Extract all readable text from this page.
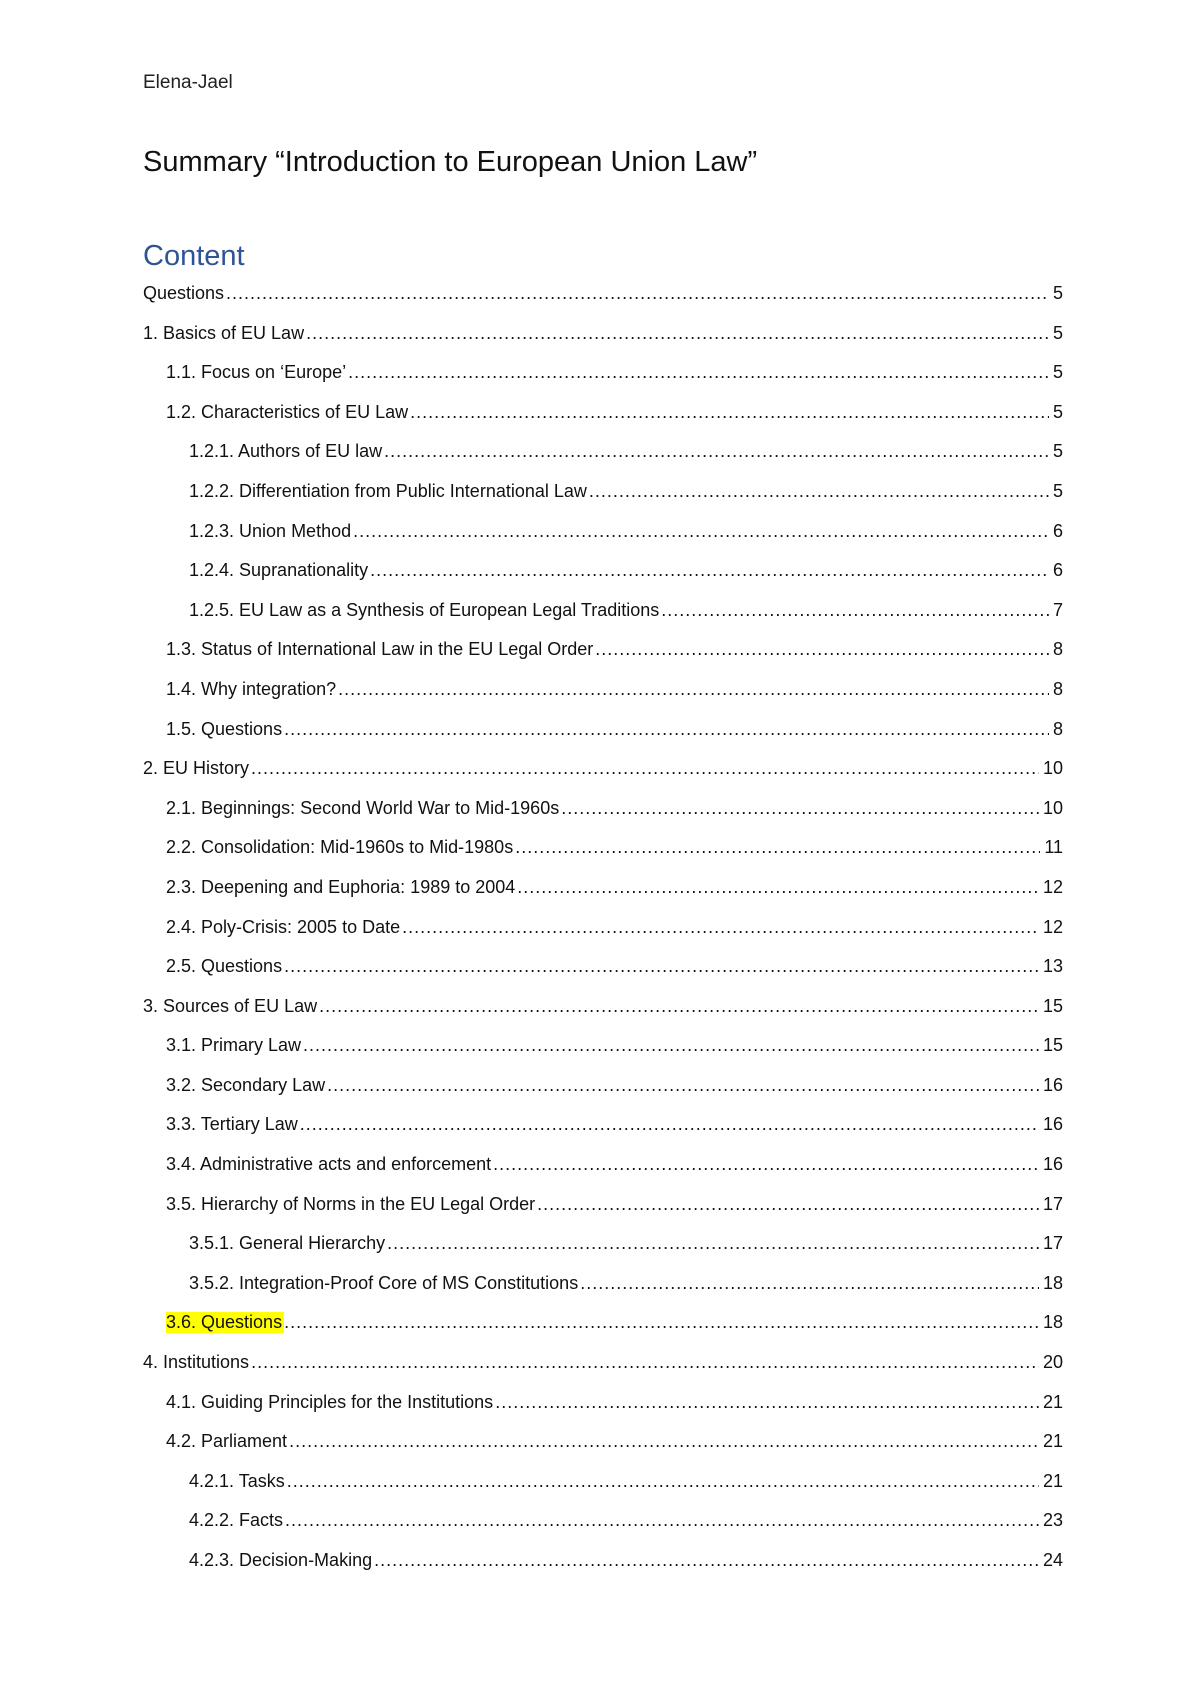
Elena-Jael
Summary “Introduction to European Union Law”
Content
Questions .....	5
1. Basics of EU Law .....	5
1.1. Focus on ‘Europe’ .....	5
1.2. Characteristics of EU Law .....	5
1.2.1. Authors of EU law .....	5
1.2.2. Differentiation from Public International Law .....	5
1.2.3. Union Method .....	6
1.2.4. Supranationality .....	6
1.2.5. EU Law as a Synthesis of European Legal Traditions .....	7
1.3. Status of International Law in the EU Legal Order .....	8
1.4. Why integration? .....	8
1.5. Questions .....	8
2. EU History .....	10
2.1. Beginnings: Second World War to Mid-1960s .....	10
2.2. Consolidation: Mid-1960s to Mid-1980s .....	11
2.3. Deepening and Euphoria: 1989 to 2004 .....	12
2.4. Poly-Crisis: 2005 to Date .....	12
2.5. Questions .....	13
3. Sources of EU Law .....	15
3.1. Primary Law .....	15
3.2. Secondary Law .....	16
3.3. Tertiary Law .....	16
3.4. Administrative acts and enforcement .....	16
3.5. Hierarchy of Norms in the EU Legal Order .....	17
3.5.1. General Hierarchy .....	17
3.5.2. Integration-Proof Core of MS Constitutions .....	18
3.6. Questions .....	18
4. Institutions .....	20
4.1. Guiding Principles for the Institutions .....	21
4.2. Parliament .....	21
4.2.1. Tasks .....	21
4.2.2. Facts .....	23
4.2.3. Decision-Making .....	24
